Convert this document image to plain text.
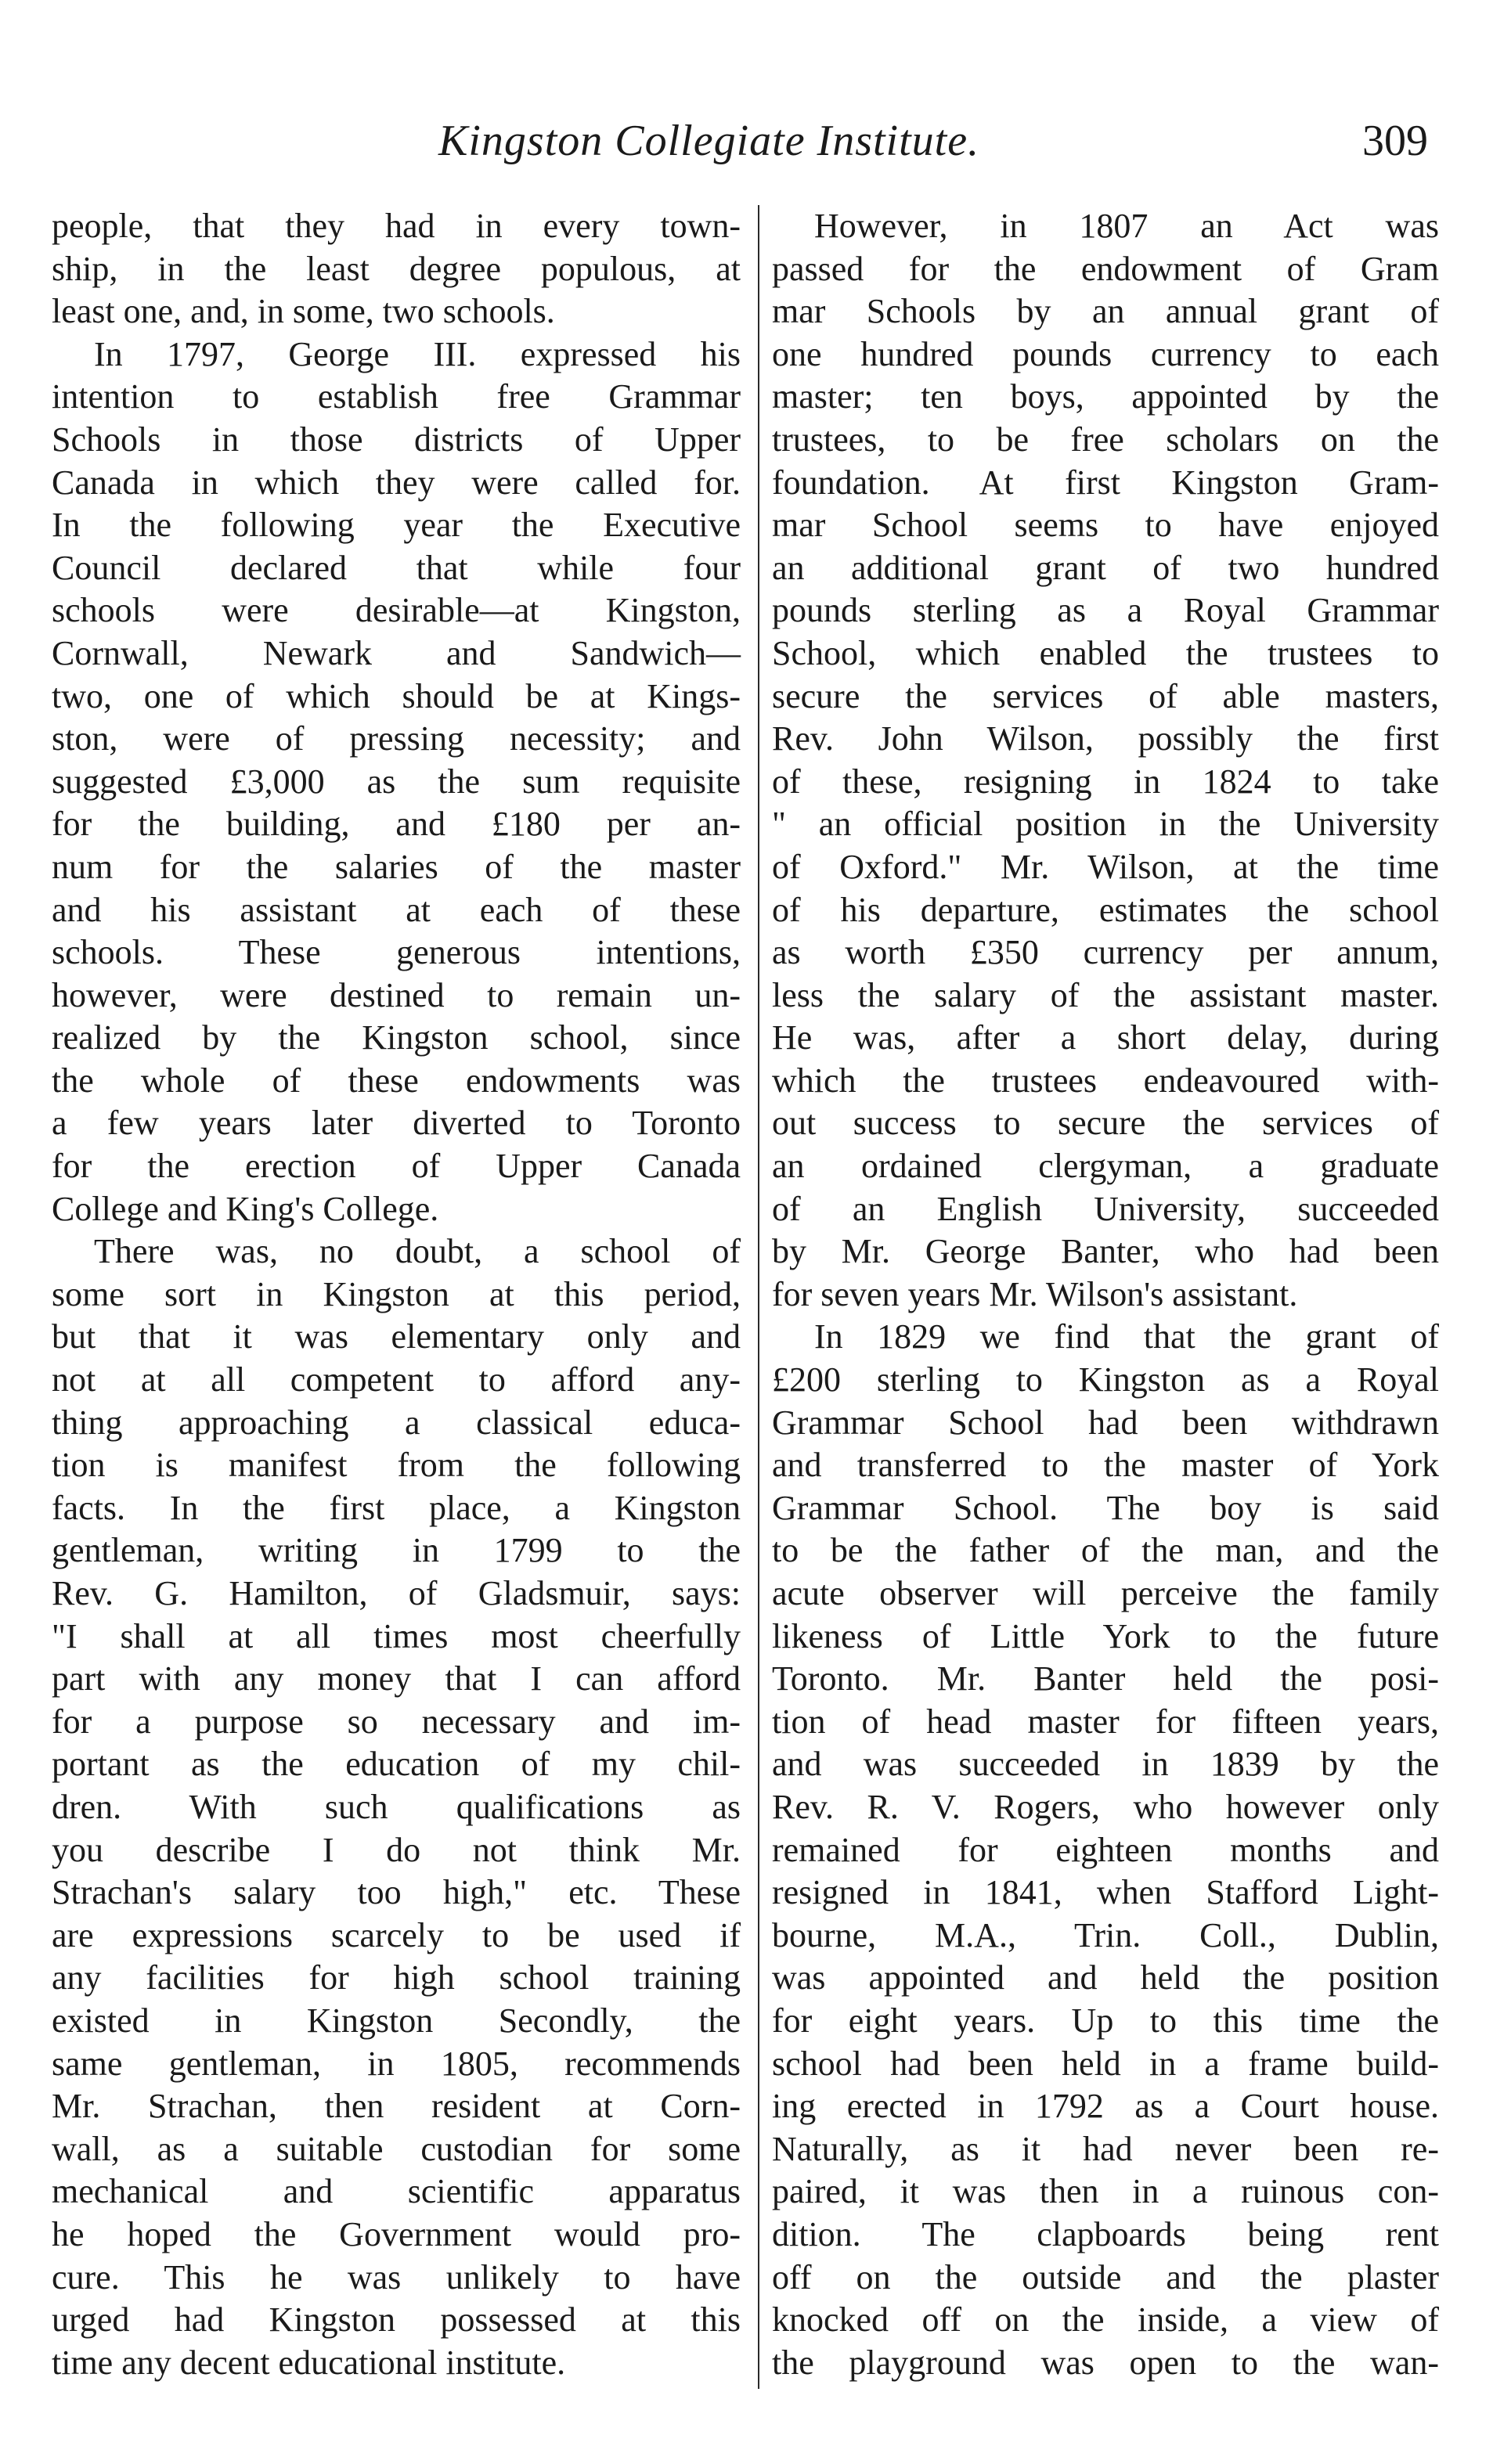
Kingston Collegiate Institute.	309
people, that they had in every town-
ship, in the least degree populous, at
least one, and, in some, two schools.
In 1797, George III. expressed his
intention to establish free Grammar
Schools in those districts of Upper
Canada in which they were called for.
In the following year the Executive
Council declared that while four
schools were desirable—at Kingston,
Cornwall, Newark and Sandwich—
two, one of which should be at Kings-
ston, were of pressing necessity; and
suggested £3,000 as the sum requisite
for the building, and £180 per an-
num for the salaries of the master
and his assistant at each of these
schools. These generous intentions,
however, were destined to remain un-
realized by the Kingston school, since
the whole of these endowments was
a few years later diverted to Toronto
for the erection of Upper Canada
College and King's College.
There was, no doubt, a school of
some sort in Kingston at this period,
but that it was elementary only and
not at all competent to afford any-
thing approaching a classical educa-
tion is manifest from the following
facts. In the first place, a Kingston
gentleman, writing in 1799 to the
Rev. G. Hamilton, of Gladsmuir, says:
"I shall at all times most cheerfully
part with any money that I can afford
for a purpose so necessary and im-
portant as the education of my chil-
dren. With such qualifications as
you describe I do not think Mr.
Strachan's salary too high," etc. These
are expressions scarcely to be used if
any facilities for high school training
existed in Kingston Secondly, the
same gentleman, in 1805, recommends
Mr. Strachan, then resident at Corn-
wall, as a suitable custodian for some
mechanical and scientific apparatus
he hoped the Government would pro-
cure. This he was unlikely to have
urged had Kingston possessed at this
time any decent educational institute.
However, in 1807 an Act was
passed for the endowment of Gram
mar Schools by an annual grant of
one hundred pounds currency to each
master; ten boys, appointed by the
trustees, to be free scholars on the
foundation. At first Kingston Gram-
mar School seems to have enjoyed
an additional grant of two hundred
pounds sterling as a Royal Grammar
School, which enabled the trustees to
secure the services of able masters,
Rev. John Wilson, possibly the first
of these, resigning in 1824 to take
" an official position in the University
of Oxford." Mr. Wilson, at the time
of his departure, estimates the school
as worth £350 currency per annum,
less the salary of the assistant master.
He was, after a short delay, during
which the trustees endeavoured with-
out success to secure the services of
an ordained clergyman, a graduate
of an English University, succeeded
by Mr. George Banter, who had been
for seven years Mr. Wilson's assistant.
In 1829 we find that the grant of
£200 sterling to Kingston as a Royal
Grammar School had been withdrawn
and transferred to the master of York
Grammar School. The boy is said
to be the father of the man, and the
acute observer will perceive the family
likeness of Little York to the future
Toronto. Mr. Banter held the posi-
tion of head master for fifteen years,
and was succeeded in 1839 by the
Rev. R. V. Rogers, who however only
remained for eighteen months and
resigned in 1841, when Stafford Light-
bourne, M.A., Trin. Coll., Dublin,
was appointed and held the position
for eight years. Up to this time the
school had been held in a frame build-
ing erected in 1792 as a Court house.
Naturally, as it had never been re-
paired, it was then in a ruinous con-
dition. The clapboards being rent
off on the outside and the plaster
knocked off on the inside, a view of
the playground was open to the wan-
